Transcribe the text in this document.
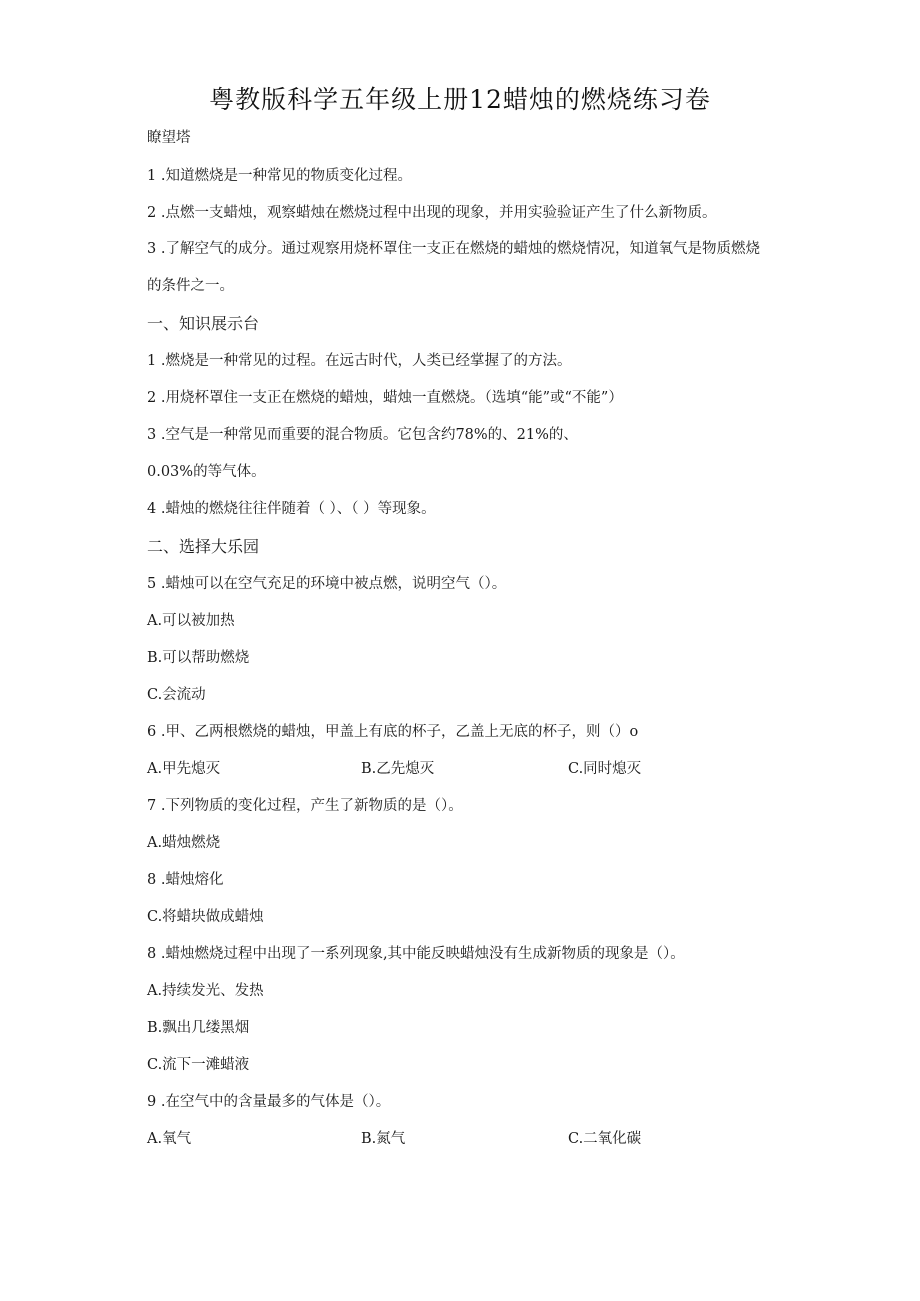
粤教版科学五年级上册12蜡烛的燃烧练习卷
瞭望塔
1 .知道燃烧是一种常见的物质变化过程。
2 .点燃一支蜡烛，观察蜡烛在燃烧过程中出现的现象，并用实验验证产生了什么新物质。
3 .了解空气的成分。通过观察用烧杯罩住一支正在燃烧的蜡烛的燃烧情况，知道氧气是物质燃烧的条件之一。
一、知识展示台
1 .燃烧是一种常见的过程。在远古时代，人类已经掌握了的方法。
2 .用烧杯罩住一支正在燃烧的蜡烛，蜡烛一直燃烧。（选填“能”或“不能”）
3 .空气是一种常见而重要的混合物质。它包含约78%的、21%的、
0.03%的等气体。
4 .蜡烛的燃烧往往伴随着（ ）、（ ）等现象。
二、选择大乐园
5 .蜡烛可以在空气充足的环境中被点燃，说明空气（）。
A.可以被加热
B.可以帮助燃烧
C.会流动
6 .甲、乙两根燃烧的蜡烛，甲盖上有底的杯子，乙盖上无底的杯子，则（）o
A.甲先熄灭	B.乙先熄灭	C.同时熄灭
7 .下列物质的变化过程，产生了新物质的是（）。
A.蜡烛燃烧
8 .蜡烛熔化
C.将蜡块做成蜡烛
8 .蜡烛燃烧过程中出现了一系列现象,其中能反映蜡烛没有生成新物质的现象是（）。
A.持续发光、发热
B.飘出几缕黑烟
C.流下一滩蜡液
9 .在空气中的含量最多的气体是（）。
A.氧气	B.氮气	C.二氧化碳
